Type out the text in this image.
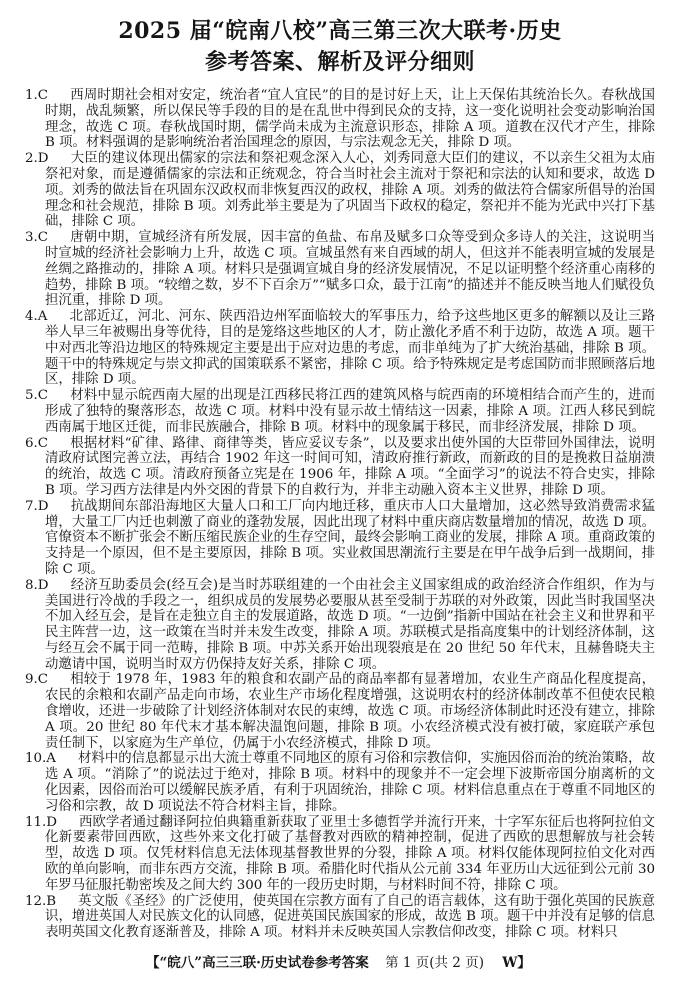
2025 届“皖南八校”高三第三次大联考·历史
参考答案、解析及评分细则

1.C 西周时期社会相对安定，统治者“宜人宜民”的目的是讨好上天，让上天保佑其统治长久。春秋战国时期，战乱频繁，所以保民等手段的目的是在乱世中得到民众的支持，这一变化说明社会变动影响治国理念，故选 C 项。春秋战国时期，儒学尚未成为主流意识形态，排除 A 项。道教在汉代才产生，排除 B 项。材料强调的是影响统治者治国理念的原因，与宗法观念无关，排除 D 项。

2.D 大臣的建议体现出儒家的宗法和祭祀观念深入人心，刘秀同意大臣们的建议，不以亲生父祖为太庙祭祀对象，而是遵循儒家的宗法和正统观念，符合当时社会主流对于祭祀和宗法的认知和要求，故选 D 项。刘秀的做法旨在巩固东汉政权而非恢复西汉的政权，排除 A 项。刘秀的做法符合儒家所倡导的治国理念和社会规范，排除 B 项。刘秀此举主要是为了巩固当下政权的稳定，祭祀并不能为光武中兴打下基础，排除 C 项。

3.C 唐朝中期，宣城经济有所发展，因丰富的鱼盐、布帛及赋多口众等受到众多诗人的关注，这说明当时宣城的经济社会影响力上升，故选 C 项。宣城虽然有来自西域的胡人，但这并不能表明宣城的发展是丝绸之路推动的，排除 A 项。材料只是强调宣城自身的经济发展情况，不足以证明整个经济重心南移的趋势，排除 B 项。“较缯之数，岁不下百余万”“赋多口众，最于江南”的描述并不能反映当地人们赋役负担沉重，排除 D 项。

4.A 北部近辽，河北、河东、陕西沿边州军面临较大的军事压力，给予这些地区更多的解额以及让三路举人早三年被赐出身等优待，目的是笼络这些地区的人才，防止激化矛盾不利于边防，故选 A 项。题干中对西北等沿边地区的特殊规定主要是出于应对边患的考虑，而非单纯为了扩大统治基础，排除 B 项。题干中的特殊规定与崇文抑武的国策联系不紧密，排除 C 项。给予特殊规定是考虑国防而非照顾落后地区，排除 D 项。

5.C 材料中显示皖西南大屋的出现是江西移民将江西的建筑风格与皖西南的环境相结合而产生的，进而形成了独特的聚落形态，故选 C 项。材料中没有显示故土情结这一因素，排除 A 项。江西人移民到皖西南属于地区迁徙，而非民族融合，排除 B 项。材料中的现象属于移民，而非经济发展，排除 D 项。

6.C 根据材料“矿律、路律、商律等类，皆应妥议专条”，以及要求出使外国的大臣带回外国律法，说明清政府试图完善立法，再结合 1902 年这一时间可知，清政府推行新政，而新政的目的是挽救日益崩溃的统治，故选 C 项。清政府预备立宪是在 1906 年，排除 A 项。“全面学习”的说法不符合史实，排除 B 项。学习西方法律是内外交困的背景下的自救行为，并非主动融入资本主义世界，排除 D 项。

7.D 抗战期间东部沿海地区大量人口和工厂向内地迁移，重庆市人口大量增加，这必然导致消费需求猛增，大量工厂内迁也刺激了商业的蓬勃发展，因此出现了材料中重庆商店数量增加的情况，故选 D 项。官僚资本不断扩张会不断压缩民族企业的生存空间，最终会影响工商业的发展，排除 A 项。重商政策的支持是一个原因，但不是主要原因，排除 B 项。实业救国思潮流行主要是在甲午战争后到一战期间，排除 C 项。

8.D 经济互助委员会(经互会)是当时苏联组建的一个由社会主义国家组成的政治经济合作组织，作为与美国进行冷战的手段之一，组织成员的发展势必要服从甚至受制于苏联的对外政策，因此当时我国坚决不加入经互会，是旨在走独立自主的发展道路，故选 D 项。“一边倒”指新中国站在社会主义和世界和平民主阵营一边，这一政策在当时并未发生改变，排除 A 项。苏联模式是指高度集中的计划经济体制，这与经互会不属于同一范畴，排除 B 项。中苏关系开始出现裂痕是在 20 世纪 50 年代末，且赫鲁晓夫主动邀请中国，说明当时双方仍保持友好关系，排除 C 项。

9.C 相较于 1978 年，1983 年的粮食和农副产品的商品率都有显著增加，农业生产商品化程度提高，农民的余粮和农副产品走向市场，农业生产市场化程度增强，这说明农村的经济体制改革不但使农民粮食增收，还进一步破除了计划经济体制对农民的束缚，故选 C 项。市场经济体制此时还没有建立，排除 A 项。20 世纪 80 年代末才基本解决温饱问题，排除 B 项。小农经济模式没有被打破，家庭联产承包责任制下，以家庭为生产单位，仍属于小农经济模式，排除 D 项。

10.A 材料中的信息都显示出大流士尊重不同地区的原有习俗和宗教信仰，实施因俗而治的统治策略，故选 A 项。“消除了”的说法过于绝对，排除 B 项。材料中的现象并不一定会埋下波斯帝国分崩离析的文化因素，因俗而治可以缓解民族矛盾，有利于巩固统治，排除 C 项。材料信息重点在于尊重不同地区的习俗和宗教，故 D 项说法不符合材料主旨，排除。

11.D 西欧学者通过翻译阿拉伯典籍重新获取了亚里士多德哲学并流行开来，十字军东征后也将阿拉伯文化新要素带回西欧，这些外来文化打破了基督教对西欧的精神控制，促进了西欧的思想解放与社会转型，故选 D 项。仅凭材料信息无法体现基督教世界的分裂，排除 A 项。材料仅能体现阿拉伯文化对西欧的单向影响，而非东西方交流，排除 B 项。希腊化时代指从公元前 334 年亚历山大远征到公元前 30 年罗马征服托勒密埃及之间大约 300 年的一段历史时期，与材料时间不符，排除 C 项。

12.B 英文版《圣经》的广泛使用，使英国在宗教方面有了自己的语言载体，这有助于强化英国的民族意识，增进英国人对民族文化的认同感，促进英国民族国家的形成，故选 B 项。题干中并没有足够的信息表明英国文化教育逐渐普及，排除 A 项。材料并未反映英国人宗教信仰改变，排除 C 项。材料只

【“皖八”高三三联·历史试卷参考答案 第 1 页(共 2 页) W】
